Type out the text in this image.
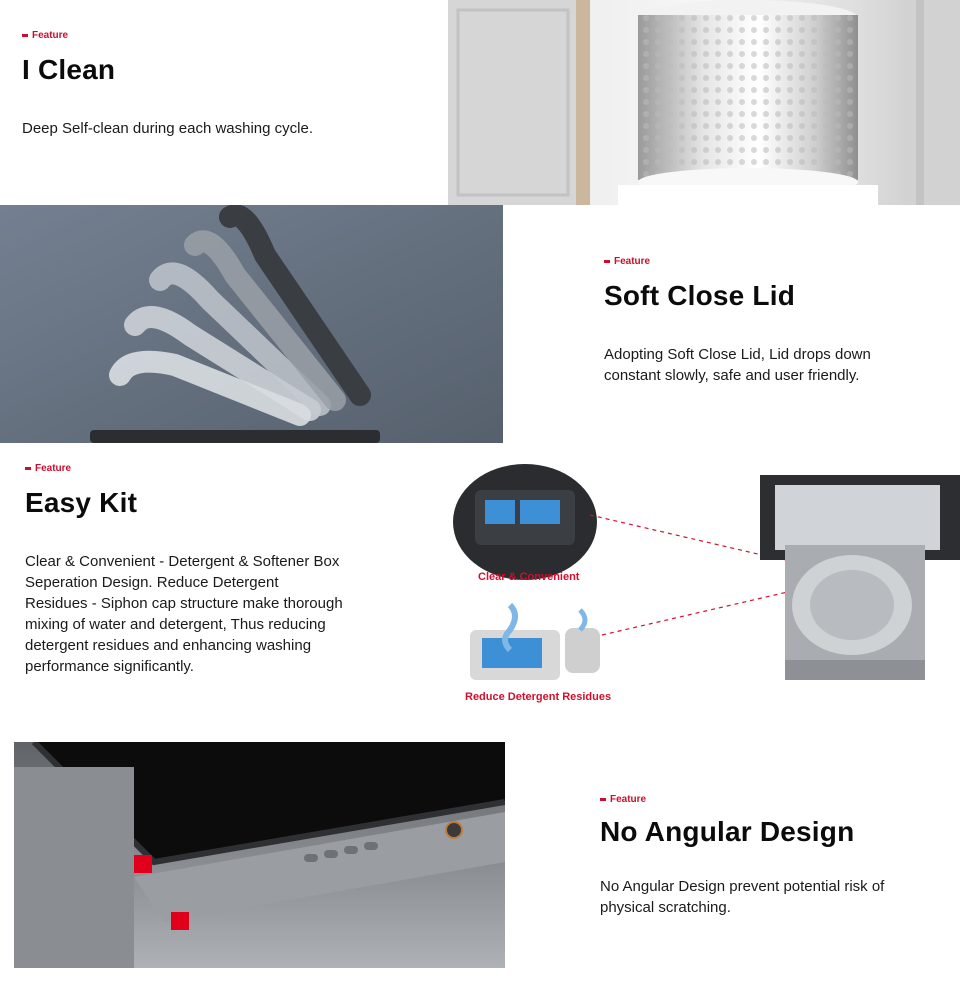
Feature
I Clean
Deep Self-clean during each washing cycle.
Feature
Soft Close Lid
Adopting Soft Close Lid, Lid drops down constant slowly, safe and user friendly.
Feature
Easy Kit
Clear & Convenient - Detergent & Softener Box Seperation Design. Reduce Detergent Residues - Siphon cap structure make thorough mixing of water and detergent, Thus reducing detergent residues and enhancing washing performance significantly.
Clear & Convenient
Reduce Detergent Residues
Feature
No Angular Design
No Angular Design prevent potential risk of physical scratching.
